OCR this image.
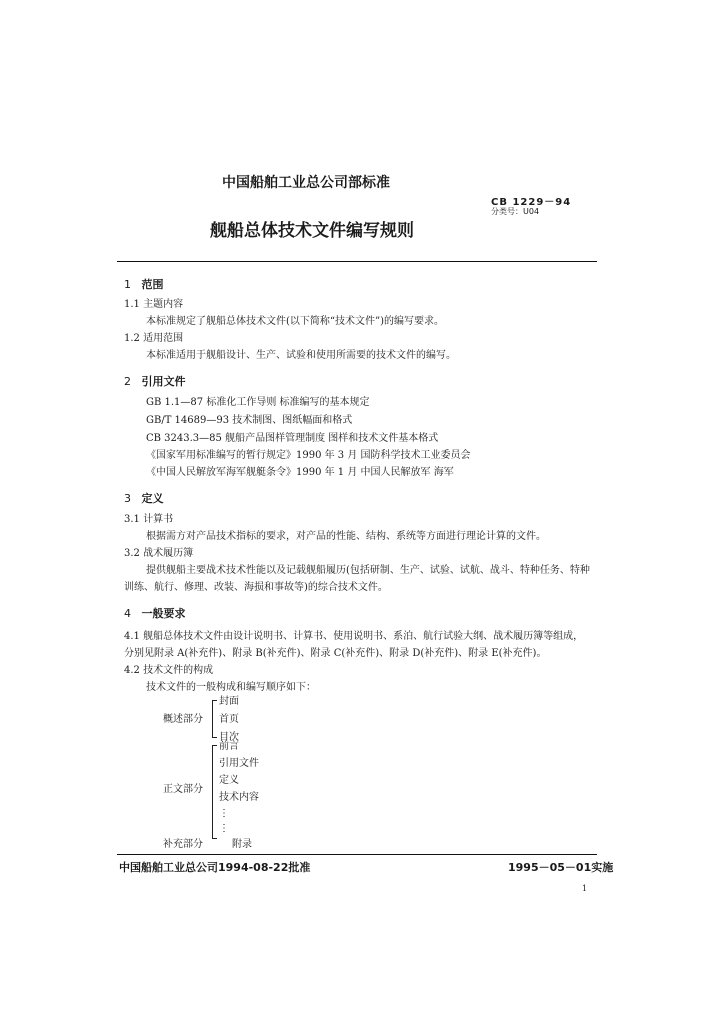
中国船舶工业总公司部标准
CB 1229－94
分类号：U04
舰船总体技术文件编写规则
1 范围
1.1 主题内容
本标准规定了舰船总体技术文件(以下简称“技术文件”)的编写要求。
1.2 适用范围
本标准适用于舰船设计、生产、试验和使用所需要的技术文件的编写。
2 引用文件
GB 1.1—87 标准化工作导则 标准编写的基本规定
GB/T 14689—93 技术制图、图纸幅面和格式
CB 3243.3—85 舰船产品图样管理制度 图样和技术文件基本格式
《国家军用标准编写的暂行规定》1990 年 3 月 国防科学技术工业委员会
《中国人民解放军海军舰艇条令》1990 年 1 月 中国人民解放军 海军
3 定义
3.1 计算书
根据需方对产品技术指标的要求，对产品的性能、结构、系统等方面进行理论计算的文件。
3.2 战术履历簿
提供舰船主要战术技术性能以及记载舰船履历(包括研制、生产、试验、试航、战斗、特种任务、特种
训练、航行、修理、改装、海损和事故等)的综合技术文件。
4 一般要求
4.1 舰船总体技术文件由设计说明书、计算书、使用说明书、系泊、航行试验大纲、战术履历簿等组成，
分别见附录 A(补充件)、附录 B(补充件)、附录 C(补充件)、附录 D(补充件)、附录 E(补充件)。
4.2 技术文件的构成
技术文件的一般构成和编写顺序如下：
概述部分
封面
首页
目次
正文部分
前言
引用文件
定义
技术内容
⋮
⋮
补充部分	附录
中国船舶工业总公司1994-08-22批准	1995－05－01实施
1
